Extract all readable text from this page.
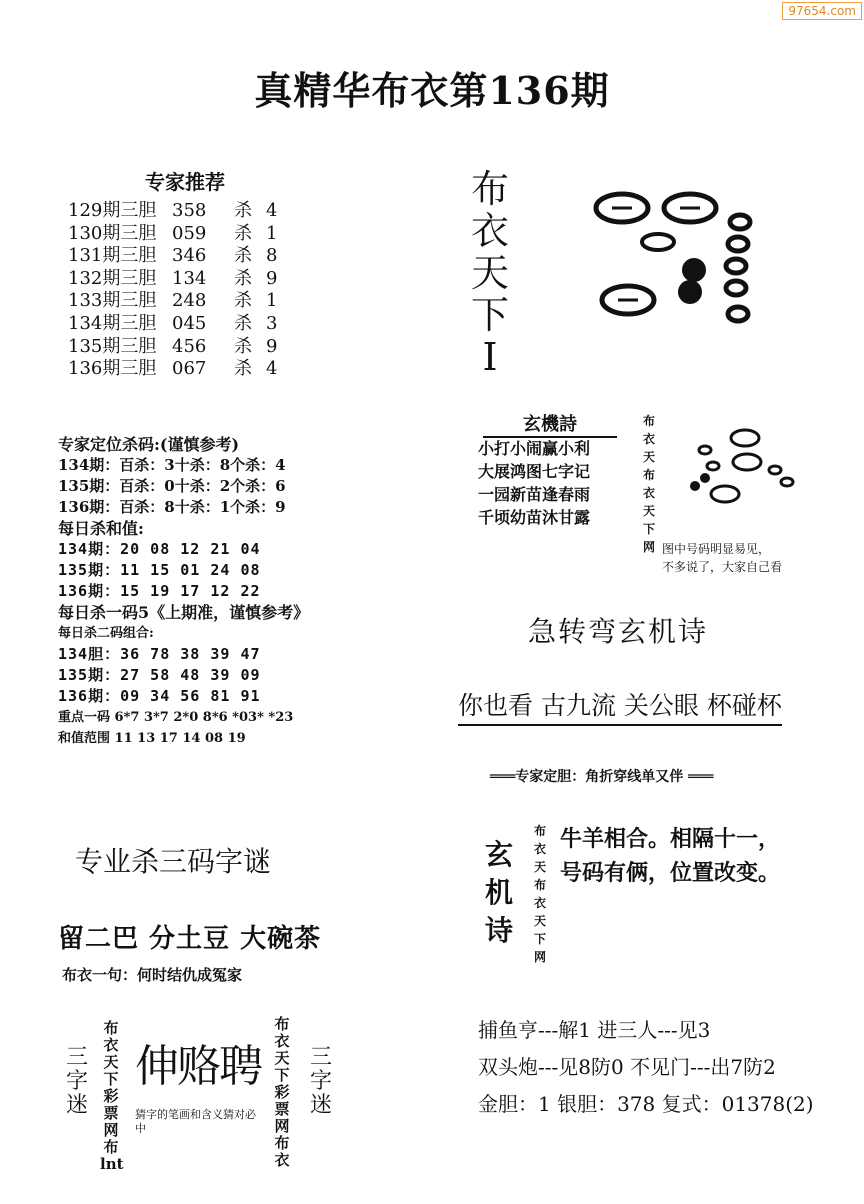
97654.com
真精华布衣第136期
专家推荐
129期三胆 358 杀 4
130期三胆 059 杀 1
131期三胆 346 杀 8
132期三胆 134 杀 9
133期三胆 248 杀 1
134期三胆 045 杀 3
135期三胆 456 杀 9
136期三胆 067 杀 4
专家定位杀码:(谨慎参考)
134期：百杀：3十杀：8个杀：4
135期：百杀：0十杀：2个杀：6
136期：百杀：8十杀：1个杀：9
每日杀和值:
134期：20 08 12 21 04
135期：11 15 01 24 08
136期：15 19 17 12 22
每日杀一码5《上期准，谨慎参考》
每日杀二码组合:
134胆：36 78 38 39 47
135期：27 58 48 39 09
136期：09 34 56 81 91
重点一码 6*7 3*7 2*0 8*6 *03* *23
和值范围 11 13 17 14 08 19
专业杀三码字谜
留二巴 分土豆 大碗茶
布衣一句：何时结仇成冤家
三字迷
布衣天下彩票网布lnt
伸赂聘
猜字的笔画和含义猜对必中
布衣天下彩票网布衣
三字迷
布衣天下I
玄機詩
小打小闹赢小利
大展鸿图七字记
一园新苗逢春雨
千顷幼苗沐甘露
布衣天布衣天下网 图中号码明显易见，
不多说了，大家自己看
急转弯玄机诗
你也看 古九流 关公眼 杯碰杯
═══专家定胆：角折穿线单又伴 ═══
玄机诗
布衣天布衣天下网
牛羊相合。相隔十一，
号码有俩，位置改变。
捕鱼亨---解1 进三人---见3
双头炮---见8防0 不见门---出7防2
金胆：1 银胆：378 复式：01378(2)
